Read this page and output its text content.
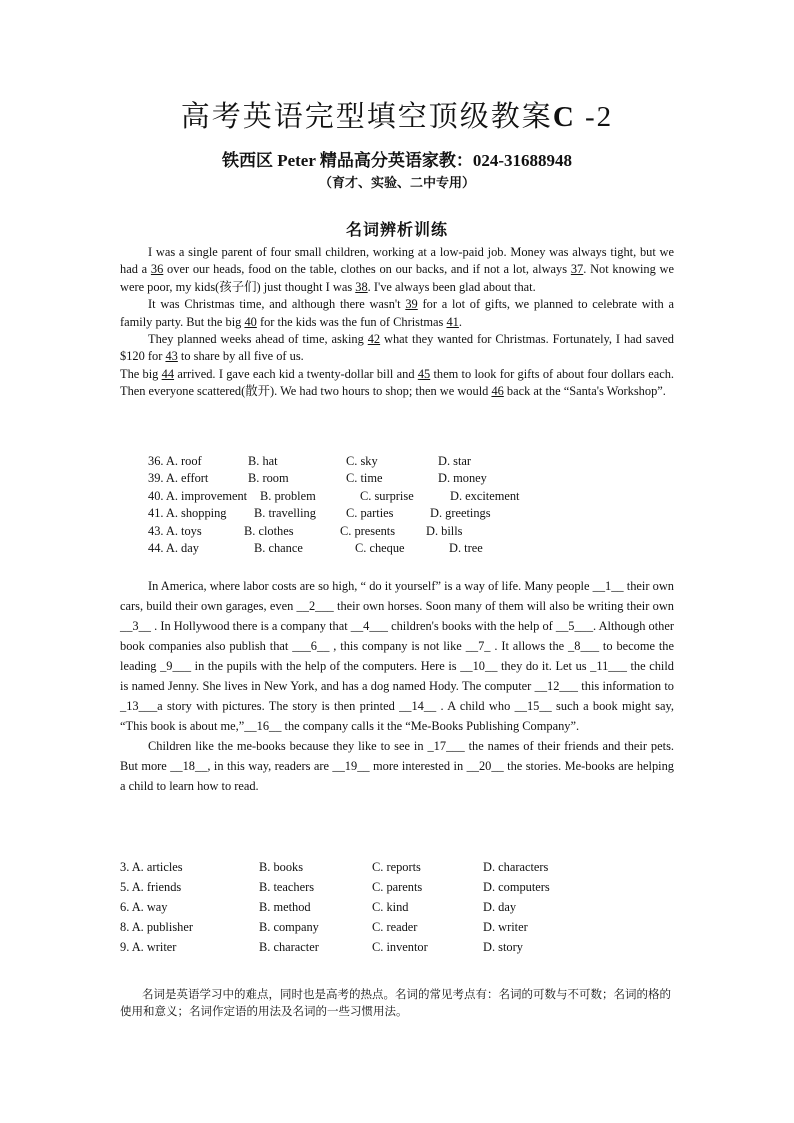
高考英语完型填空顶级教案C -2
铁西区 Peter 精品高分英语家教：024-31688948
（育才、实验、二中专用）
名词辨析训练

I was a single parent of four small children, working at a low-paid job. Money was always tight, but we had a 36 over our heads, food on the table, clothes on our backs, and if not a lot, always 37. Not knowing we were poor, my kids(孩子们) just thought I was 38. I've always been glad about that.

It was Christmas time, and although there wasn't 39 for a lot of gifts, we planned to celebrate with a family party. But the big 40 for the kids was the fun of Christmas 41.

They planned weeks ahead of time, asking 42 what they wanted for Christmas. Fortunately, I had saved $120 for 43 to share by all five of us.

The big 44 arrived. I gave each kid a twenty-dollar bill and 45 them to look for gifts of about four dollars each. Then everyone scattered(散开). We had two hours to shop; then we would 46 back at the “Santa's Workshop”.

36. A. roof	B. hat	C. sky	D. star
39. A. effort	B. room	C. time	D. money
40. A. improvement	B. problem	C. surprise	D. excitement
41. A. shopping	B. travelling	C. parties	D. greetings
43. A. toys	B. clothes	C. presents	D. bills
44. A. day	B. chance	C. cheque	D. tree

In America, where labor costs are so high, “ do it yourself” is a way of life. Many people __1__ their own cars, build their own garages, even __2___ their own horses. Soon many of them will also be writing their own __3__ . In Hollywood there is a company that __4___ children's books with the help of __5___. Although other book companies also publish that ___6__ , this company is not like __7_ . It allows the _8___ to become the leading _9___ in the pupils with the help of the computers. Here is __10__ they do it. Let us _11___ the child is named Jenny. She lives in New York, and has a dog named Hody. The computer __12___ this information to _13___a story with pictures. The story is then printed __14__ . A child who __15__ such a book might say, “This book is about me,”__16__ the company calls it the “Me-Books Publishing Company”.

Children like the me-books because they like to see in _17___ the names of their friends and their pets. But more __18__, in this way, readers are __19__ more interested in __20__ the stories. Me-books are helping a child to learn how to read.

3. A. articles	B. books	C. reports	D. characters
5. A. friends	B. teachers	C. parents	D. computers
6. A. way	B. method	C. kind	D. day
8. A. publisher	B. company	C. reader	D. writer
9. A. writer	B. character	C. inventor	D. story
名词是英语学习中的难点，同时也是高考的热点。名词的常见考点有：名词的可数与不可数；名词的格的使用和意义；名词作定语的用法及名词的一些习惯用法。
